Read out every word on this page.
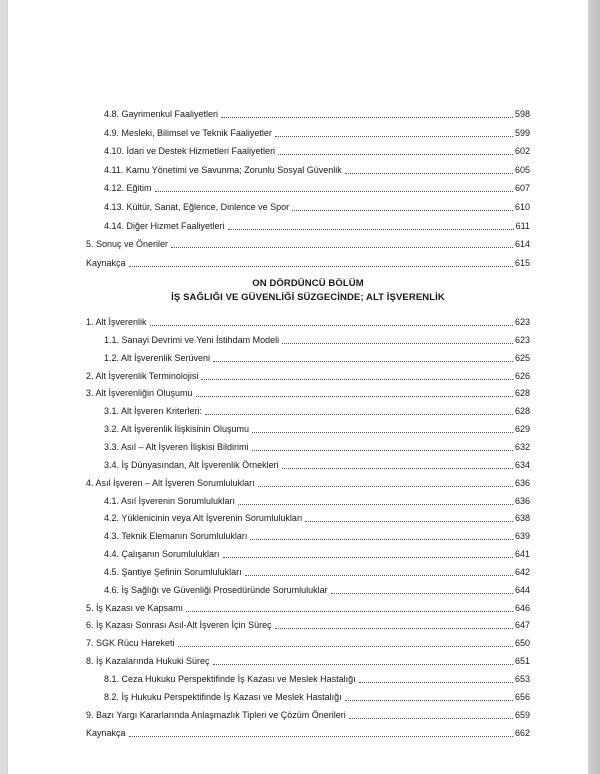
ON DÖRDÜNCÜ BÖLÜM
İŞ SAĞLIĞI VE GÜVENLİĞİ SÜZGECİNDE; ALT İŞVERENLİK
4.8. Gayrimenkul Faaliyetleri	598
4.9. Mesleki, Bilimsel ve Teknik Faaliyetler	599
4.10. İdari ve Destek Hizmetleri Faaliyetleri	602
4.11. Kamu Yönetimi ve Savunma; Zorunlu Sosyal Güvenlik	605
4.12. Eğitim	607
4.13. Kültür, Sanat, Eğlence, Dinlence ve Spor	610
4.14. Diğer Hizmet Faaliyetleri	611
5. Sonuç ve Öneriler	614
Kaynakça	615
1. Alt İşverenlik	623
1.1. Sanayi Devrimi ve Yeni İstihdam Modeli	623
1.2. Alt İşverenlik Serüveni	625
2. Alt İşverenlik Terminolojisi	626
3. Alt İşverenliğin Oluşumu	628
3.1. Alt İşveren Kriterleri:	628
3.2. Alt İşverenlik İlişkisinin Oluşumu	629
3.3. Asıl – Alt İşveren İlişkisi Bildirimi	632
3.4. İş Dünyasından, Alt İşverenlik Örnekleri	634
4. Asıl İşveren – Alt İşveren Sorumlulukları	636
4.1. Asıl İşverenin Sorumlulukları	636
4.2. Yüklenicinin veya Alt İşverenin Sorumlulukları	638
4.3. Teknik Elemanın Sorumlulukları	639
4.4. Çalışanın Sorumlulukları	641
4.5. Şantiye Şefinin Sorumlulukları	642
4.6. İş Sağlığı ve Güvenliği Prosedüründe Sorumluluklar	644
5. İş Kazası ve Kapsamı	646
6. İş Kazası Sonrası Asıl-Alt İşveren İçin Süreç	647
7. SGK Rücu Hareketi	650
8. İş Kazalarında Hukuki Süreç	651
8.1. Ceza Hukuku Perspektifinde İş Kazası ve Meslek Hastalığı	653
8.2. İş Hukuku Perspektifinde İş Kazası ve Meslek Hastalığı	656
9. Bazı Yargı Kararlarında Anlaşmazlık Tipleri ve Çözüm Önerileri	659
Kaynakça	662
